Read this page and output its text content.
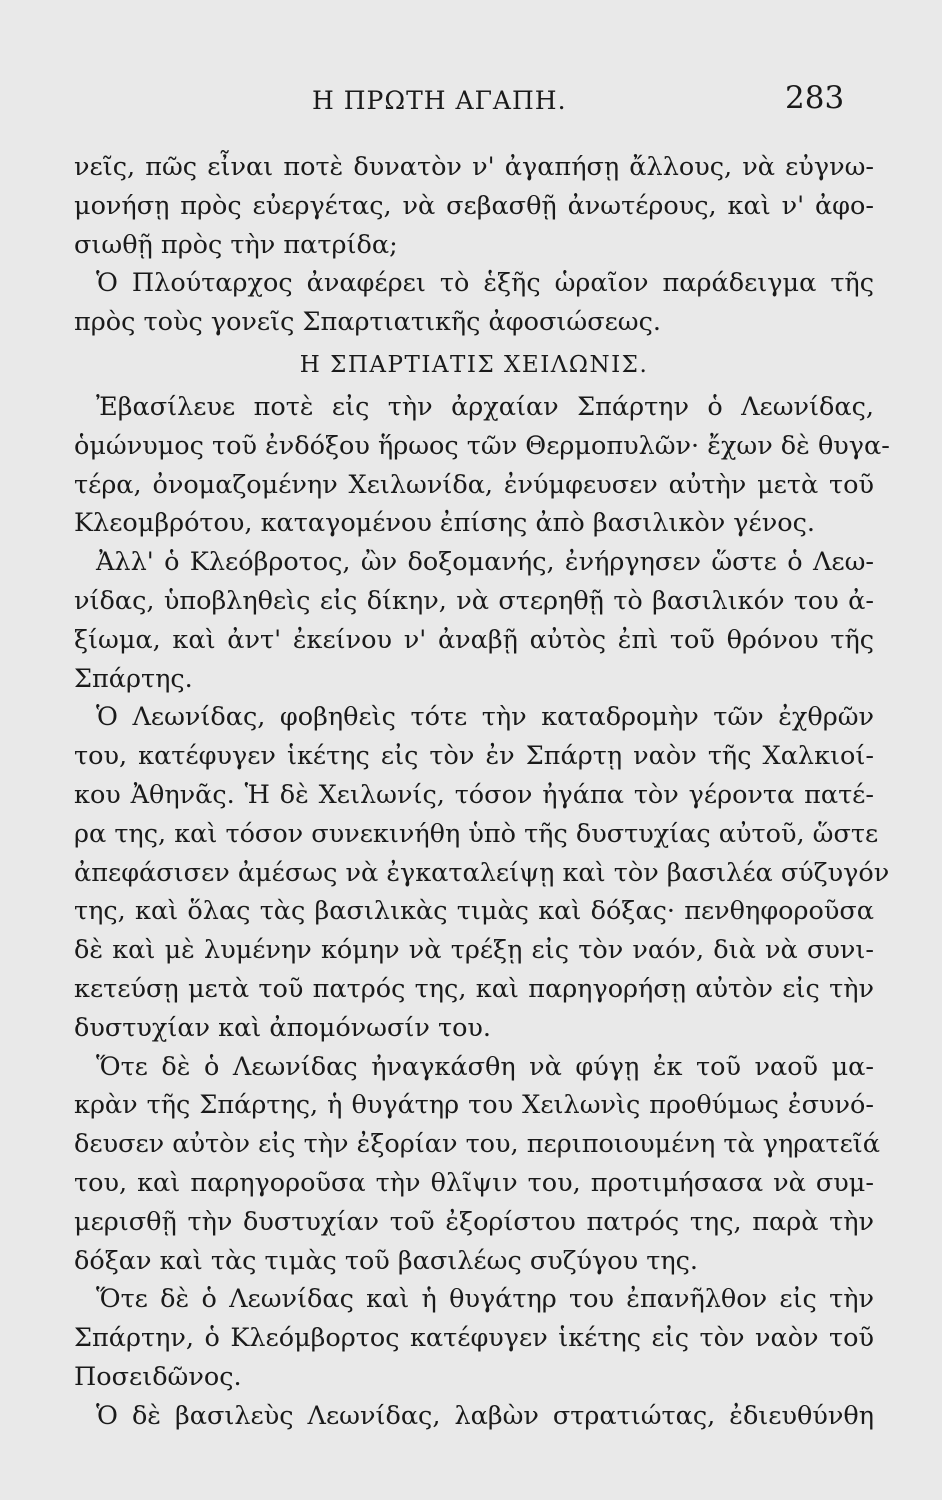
Η ΠΡΩΤΗ ΑΓΑΠΗ.	283
νεῖς, πῶς εἶναι ποτὲ δυνατὸν ν' ἀγαπήσῃ ἄλλους, νὰ εὐγνω-
μονήσῃ πρὸς εὐεργέτας, νὰ σεβασθῇ ἀνωτέρους, καὶ ν' ἀφο-
σιωθῇ πρὸς τὴν πατρίδα;
Ὁ Πλούταρχος ἀναφέρει τὸ ἑξῆς ὡραῖον παράδειγμα τῆς
πρὸς τοὺς γονεῖς Σπαρτιατικῆς ἀφοσιώσεως.
Η ΣΠΑΡΤΙΑΤΙΣ ΧΕΙΛΩΝΙΣ.
Ἐβασίλευε ποτὲ εἰς τὴν ἀρχαίαν Σπάρτην ὁ Λεωνίδας,
ὁμώνυμος τοῦ ἐνδόξου ἥρωος τῶν Θερμοπυλῶν· ἔχων δὲ θυγα-
τέρα, ὀνομαζομένην Χειλωνίδα, ἐνύμφευσεν αὐτὴν μετὰ τοῦ
Κλεομβρότου, καταγομένου ἐπίσης ἀπὸ βασιλικὸν γένος.
Ἀλλ' ὁ Κλεόβροτος, ὢν δοξομανής, ἐνήργησεν ὥστε ὁ Λεω-
νίδας, ὑποβληθεὶς εἰς δίκην, νὰ στερηθῇ τὸ βασιλικόν του ἀ-
ξίωμα, καὶ ἀντ' ἐκείνου ν' ἀναβῇ αὐτὸς ἐπὶ τοῦ θρόνου τῆς
Σπάρτης.
Ὁ Λεωνίδας, φοβηθεὶς τότε τὴν καταδρομὴν τῶν ἐχθρῶν
του, κατέφυγεν ἱκέτης εἰς τὸν ἐν Σπάρτῃ ναὸν τῆς Χαλκιοί-
κου Ἀθηνᾶς. Ἡ δὲ Χειλωνίς, τόσον ἠγάπα τὸν γέροντα πατέ-
ρα της, καὶ τόσον συνεκινήθη ὑπὸ τῆς δυστυχίας αὐτοῦ, ὥστε
ἀπεφάσισεν ἀμέσως νὰ ἐγκαταλείψῃ καὶ τὸν βασιλέα σύζυγόν
της, καὶ ὅλας τὰς βασιλικὰς τιμὰς καὶ δόξας· πενθηφοροῦσα
δὲ καὶ μὲ λυμένην κόμην νὰ τρέξῃ εἰς τὸν ναόν, διὰ νὰ συνι-
κετεύσῃ μετὰ τοῦ πατρός της, καὶ παρηγορήσῃ αὐτὸν εἰς τὴν
δυστυχίαν καὶ ἀπομόνωσίν του.
Ὅτε δὲ ὁ Λεωνίδας ἠναγκάσθη νὰ φύγῃ ἐκ τοῦ ναοῦ μα-
κρὰν τῆς Σπάρτης, ἡ θυγάτηρ του Χειλωνὶς προθύμως ἐσυνό-
δευσεν αὐτὸν εἰς τὴν ἐξορίαν του, περιποιουμένη τὰ γηρατεῖά
του, καὶ παρηγοροῦσα τὴν θλῖψιν του, προτιμήσασα νὰ συμ-
μερισθῇ τὴν δυστυχίαν τοῦ ἐξορίστου πατρός της, παρὰ τὴν
δόξαν καὶ τὰς τιμὰς τοῦ βασιλέως συζύγου της.
Ὅτε δὲ ὁ Λεωνίδας καὶ ἡ θυγάτηρ του ἐπανῆλθον εἰς τὴν
Σπάρτην, ὁ Κλεόμβορτος κατέφυγεν ἱκέτης εἰς τὸν ναὸν τοῦ
Ποσειδῶνος.
Ὁ δὲ βασιλεὺς Λεωνίδας, λαβὼν στρατιώτας, ἐδιευθύνθη
